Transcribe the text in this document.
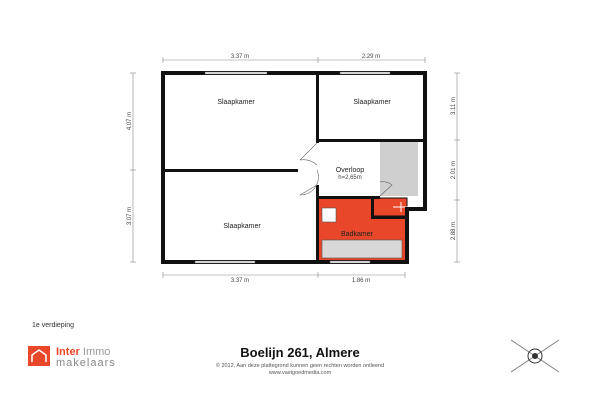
Slaapkamer	Slaapkamer
Slaapkamer
Overloop
h=2,65m
Badkamer
3.37 m	2.29 m
3.37 m	1.86 m
4.07 m
3.07 m
3.11 m
2.01 m
2.88 m
1e verdieping
Inter Immo
makelaars
Boelijn 261, Almere
© 2012, Aan deze plattegrond kunnen geen rechten worden ontleend
www.vastgoedmedia.com
